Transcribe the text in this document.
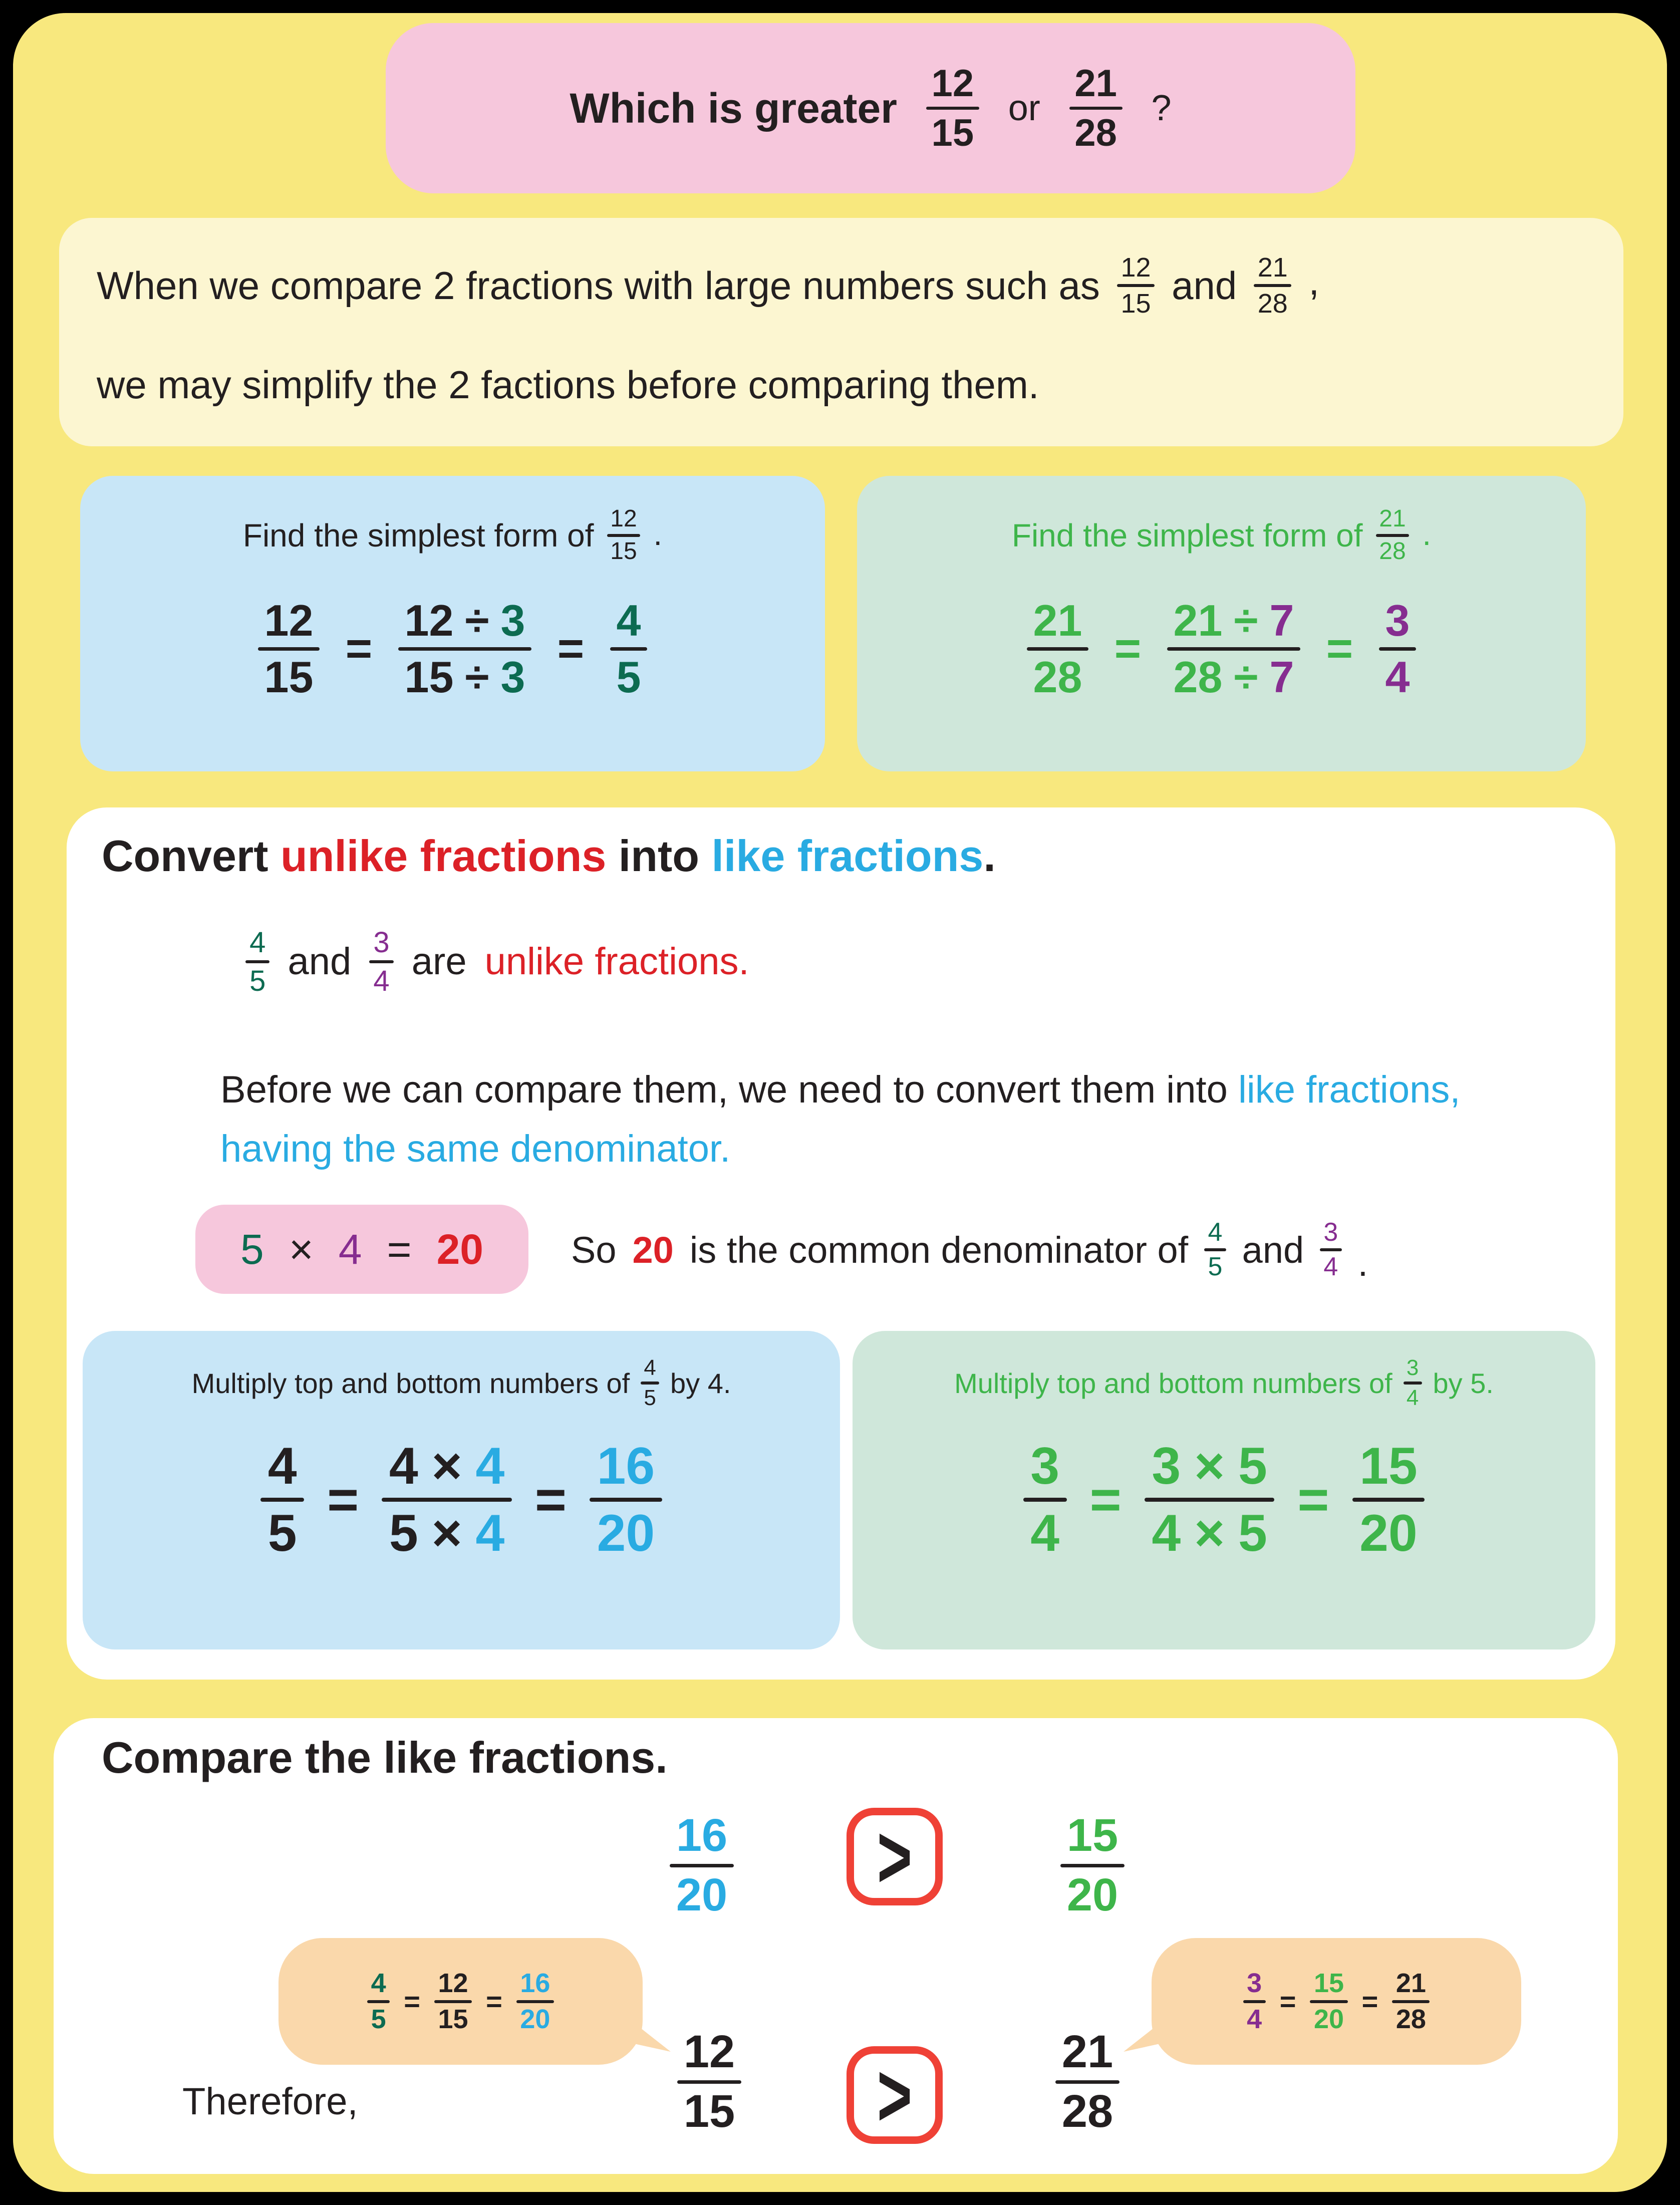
Which is greater
12
15
or
21
28
?
When we compare 2 fractions with large numbers such as 12
15 and 21
28
,
we may simplify the 2 factions before comparing them.
Find the simplest form of 12
15 .
12
15
=
12 ÷ 3
15 ÷ 3
=
4
5
Find the simplest form of 21
28 .
21
28
=
21 ÷ 7
28 ÷ 7
=
3
4
Convert unlike fractions into like fractions.
4
5 and 3
4 are unlike fractions.
Before we can compare them, we need to convert them into like fractions,
having the same denominator.
5 × 4 = 20 So 20 is the common denominator of 4
5 and 3
4 .
Multiply top and bottom numbers of 4
5 by 4.
4
5
=
4 × 4
5 × 4
=
16
20
Multiply top and bottom numbers of 3
4 by 5.
3
4
=
3 × 5
4 × 5
=
15
20
Compare the like fractions.
16
20 >	15
20
4
5
=
12
15
=
16
20
3
4
=
15
20
=
21
28
Therefore,
12
15 >	21
28
